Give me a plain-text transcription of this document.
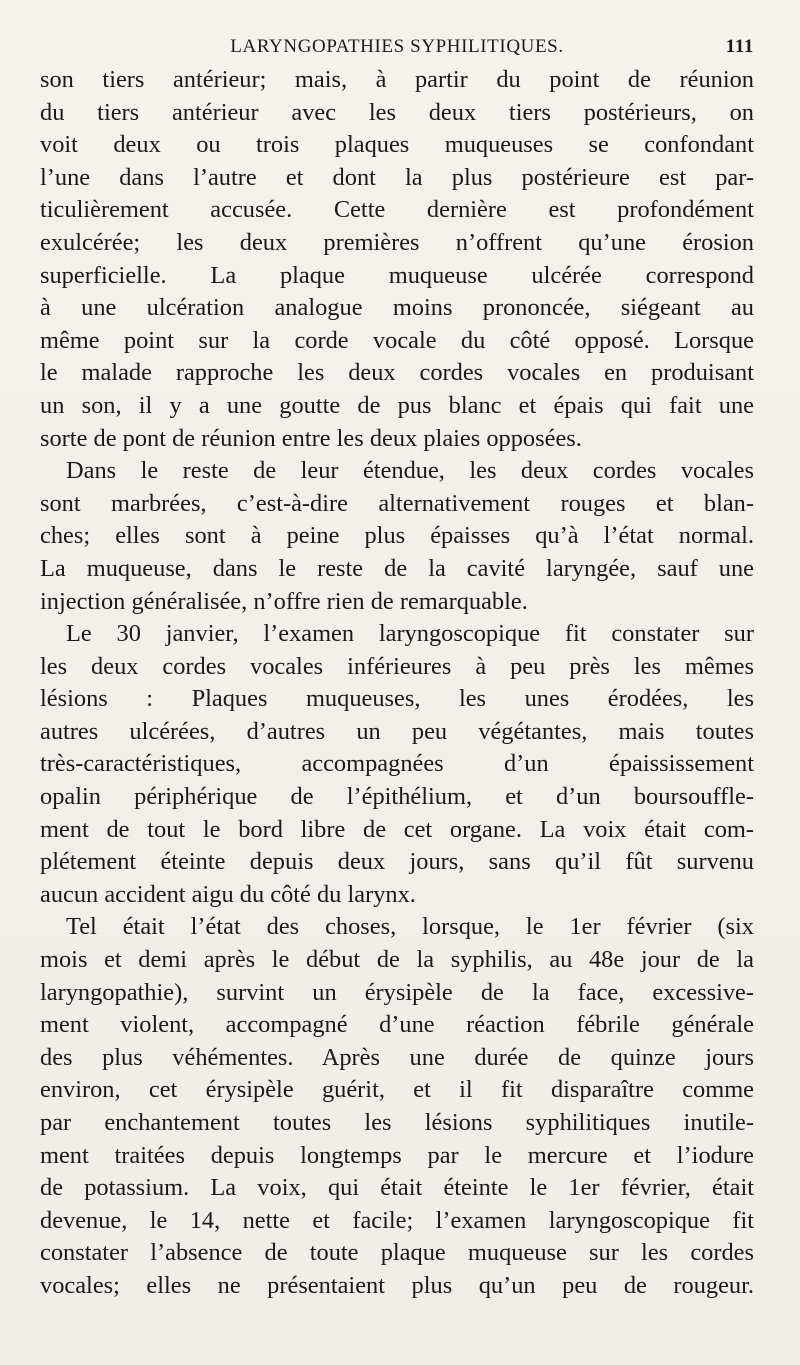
LARYNGOPATHIES SYPHILITIQUES.	111
son tiers antérieur; mais, à partir du point de réunion
du tiers antérieur avec les deux tiers postérieurs, on
voit deux ou trois plaques muqueuses se confondant
l’une dans l’autre et dont la plus postérieure est par-
ticulièrement accusée. Cette dernière est profondément
exulcérée; les deux premières n’offrent qu’une érosion
superficielle. La plaque muqueuse ulcérée correspond
à une ulcération analogue moins prononcée, siégeant au
même point sur la corde vocale du côté opposé. Lorsque
le malade rapproche les deux cordes vocales en produisant
un son, il y a une goutte de pus blanc et épais qui fait une
sorte de pont de réunion entre les deux plaies opposées.
Dans le reste de leur étendue, les deux cordes vocales
sont marbrées, c’est-à-dire alternativement rouges et blan-
ches; elles sont à peine plus épaisses qu’à l’état normal.
La muqueuse, dans le reste de la cavité laryngée, sauf une
injection généralisée, n’offre rien de remarquable.
Le 30 janvier, l’examen laryngoscopique fit constater sur
les deux cordes vocales inférieures à peu près les mêmes
lésions : Plaques muqueuses, les unes érodées, les
autres ulcérées, d’autres un peu végétantes, mais toutes
très-caractéristiques, accompagnées d’un épaississement
opalin périphérique de l’épithélium, et d’un boursouffle-
ment de tout le bord libre de cet organe. La voix était com-
plétement éteinte depuis deux jours, sans qu’il fût survenu
aucun accident aigu du côté du larynx.
Tel était l’état des choses, lorsque, le 1er février (six
mois et demi après le début de la syphilis, au 48e jour de la
laryngopathie), survint un érysipèle de la face, excessive-
ment violent, accompagné d’une réaction fébrile générale
des plus véhémentes. Après une durée de quinze jours
environ, cet érysipèle guérit, et il fit disparaître comme
par enchantement toutes les lésions syphilitiques inutile-
ment traitées depuis longtemps par le mercure et l’iodure
de potassium. La voix, qui était éteinte le 1er février, était
devenue, le 14, nette et facile; l’examen laryngoscopique fit
constater l’absence de toute plaque muqueuse sur les cordes
vocales; elles ne présentaient plus qu’un peu de rougeur.
